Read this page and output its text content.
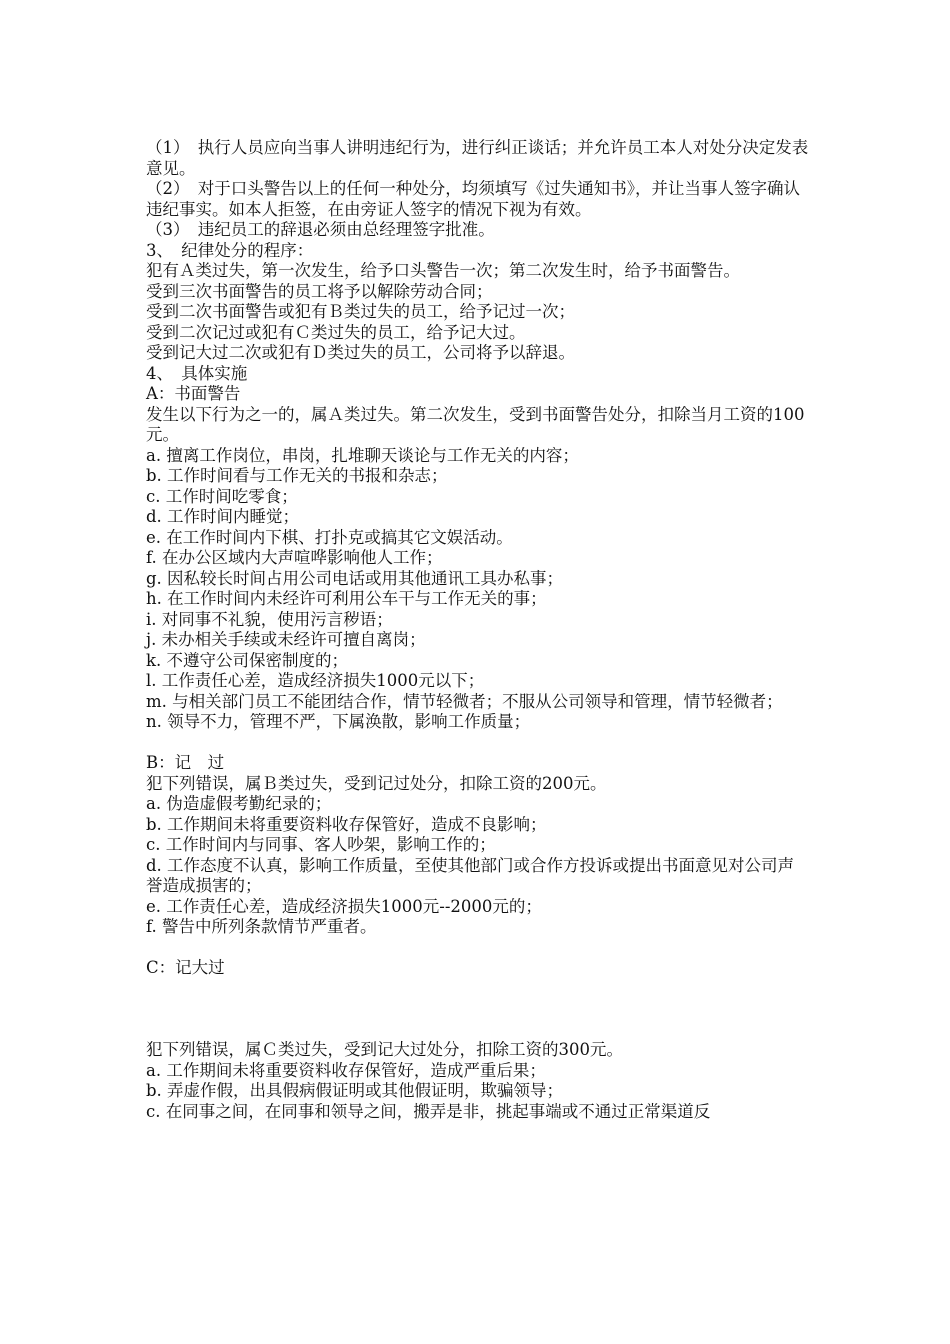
（1）　执行人员应向当事人讲明违纪行为，进行纠正谈话；并允许员工本人对处分决定发表意见。
（2）　对于口头警告以上的任何一种处分，均须填写《过失通知书》，并让当事人签字确认违纪事实。如本人拒签，在由旁证人签字的情况下视为有效。
（3）　违纪员工的辞退必须由总经理签字批准。
3、　纪律处分的程序：
犯有Ａ类过失，第一次发生，给予口头警告一次；第二次发生时，给予书面警告。
受到三次书面警告的员工将予以解除劳动合同；
受到二次书面警告或犯有Ｂ类过失的员工，给予记过一次；
受到二次记过或犯有Ｃ类过失的员工，给予记大过。
受到记大过二次或犯有Ｄ类过失的员工，公司将予以辞退。
4、　具体实施
A：书面警告
发生以下行为之一的，属Ａ类过失。第二次发生，受到书面警告处分，扣除当月工资的100元。
a. 擅离工作岗位，串岗，扎堆聊天谈论与工作无关的内容；
b. 工作时间看与工作无关的书报和杂志；
c. 工作时间吃零食；
d. 工作时间内睡觉；
e. 在工作时间内下棋、打扑克或搞其它文娱活动。
f. 在办公区域内大声喧哗影响他人工作；
g. 因私较长时间占用公司电话或用其他通讯工具办私事；
h. 在工作时间内未经许可利用公车干与工作无关的事；
i. 对同事不礼貌，使用污言秽语；
j. 未办相关手续或未经许可擅自离岗；
k. 不遵守公司保密制度的；
l. 工作责任心差，造成经济损失1000元以下；
m. 与相关部门员工不能团结合作，情节轻微者；不服从公司领导和管理，情节轻微者；
n. 领导不力，管理不严，下属涣散，影响工作质量；
B：记　过
犯下列错误，属Ｂ类过失，受到记过处分，扣除工资的200元。
a. 伪造虚假考勤纪录的；
b. 工作期间未将重要资料收存保管好，造成不良影响；
c. 工作时间内与同事、客人吵架，影响工作的；
d. 工作态度不认真，影响工作质量，至使其他部门或合作方投诉或提出书面意见对公司声誉造成损害的；
e. 工作责任心差，造成经济损失1000元--2000元的；
f. 警告中所列条款情节严重者。
C：记大过
犯下列错误，属Ｃ类过失，受到记大过处分，扣除工资的300元。
a. 工作期间未将重要资料收存保管好，造成严重后果；
b. 弄虚作假，出具假病假证明或其他假证明，欺骗领导；
c. 在同事之间，在同事和领导之间，搬弄是非，挑起事端或不通过正常渠道反
